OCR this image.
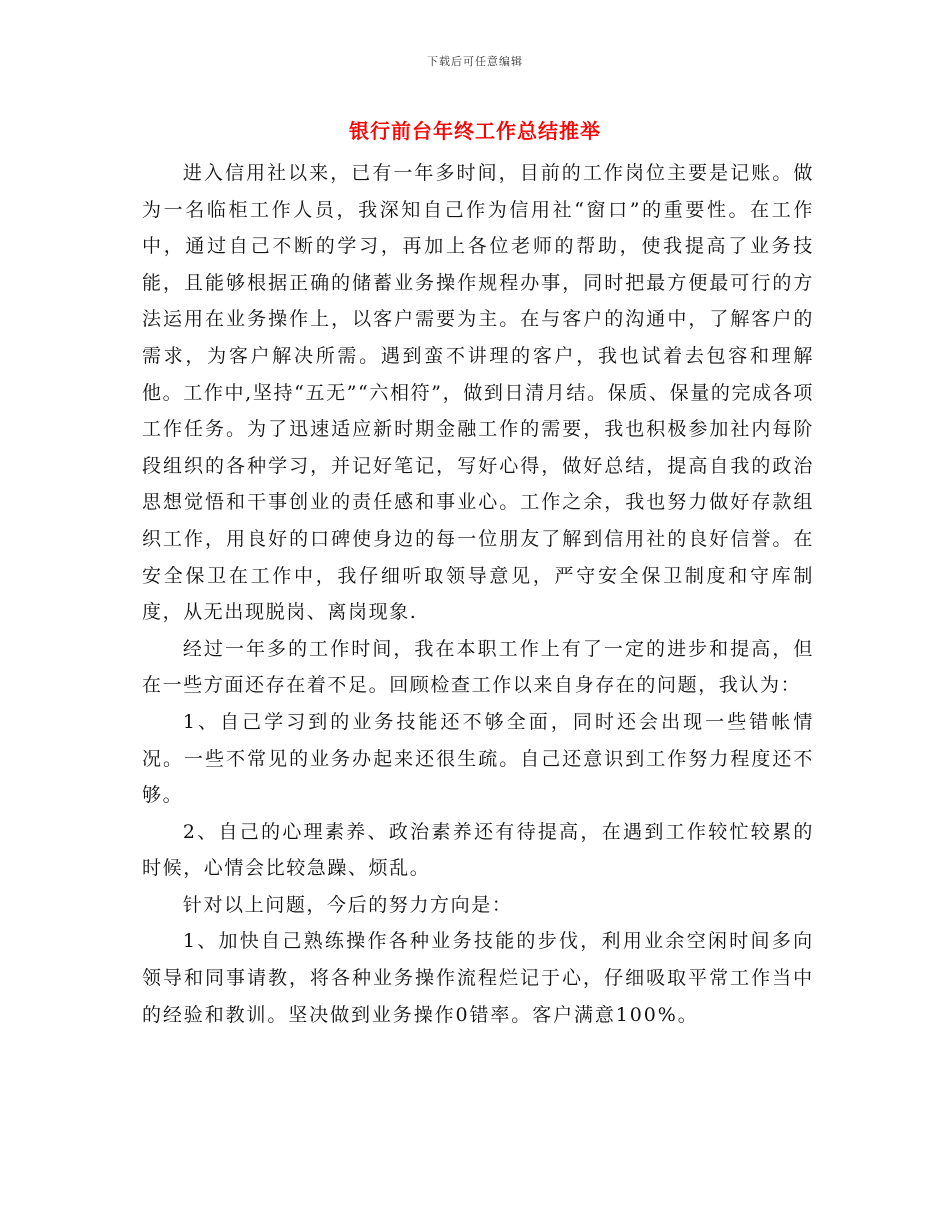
下载后可任意编辑
银行前台年终工作总结推举

进入信用社以来，已有一年多时间，目前的工作岗位主要是记账。做为一名临柜工作人员，我深知自己作为信用社“窗口”的重要性。在工作中，通过自己不断的学习，再加上各位老师的帮助，使我提高了业务技能，且能够根据正确的储蓄业务操作规程办事，同时把最方便最可行的方法运用在业务操作上，以客户需要为主。在与客户的沟通中，了解客户的需求，为客户解决所需。遇到蛮不讲理的客户，我也试着去包容和理解他。工作中,坚持“五无”“六相符”，做到日清月结。保质、保量的完成各项工作任务。为了迅速适应新时期金融工作的需要，我也积极参加社内每阶段组织的各种学习，并记好笔记，写好心得，做好总结，提高自我的政治思想觉悟和干事创业的责任感和事业心。工作之余，我也努力做好存款组织工作，用良好的口碑使身边的每一位朋友了解到信用社的良好信誉。在安全保卫在工作中，我仔细听取领导意见，严守安全保卫制度和守库制度，从无出现脱岗、离岗现象.

经过一年多的工作时间，我在本职工作上有了一定的进步和提高，但在一些方面还存在着不足。回顾检查工作以来自身存在的问题，我认为：

1、自己学习到的业务技能还不够全面，同时还会出现一些错帐情况。一些不常见的业务办起来还很生疏。自己还意识到工作努力程度还不够。

2、自己的心理素养、政治素养还有待提高，在遇到工作较忙较累的时候，心情会比较急躁、烦乱。

针对以上问题，今后的努力方向是：

1、加快自己熟练操作各种业务技能的步伐，利用业余空闲时间多向领导和同事请教，将各种业务操作流程烂记于心，仔细吸取平常工作当中的经验和教训。坚决做到业务操作0错率。客户满意100%。
